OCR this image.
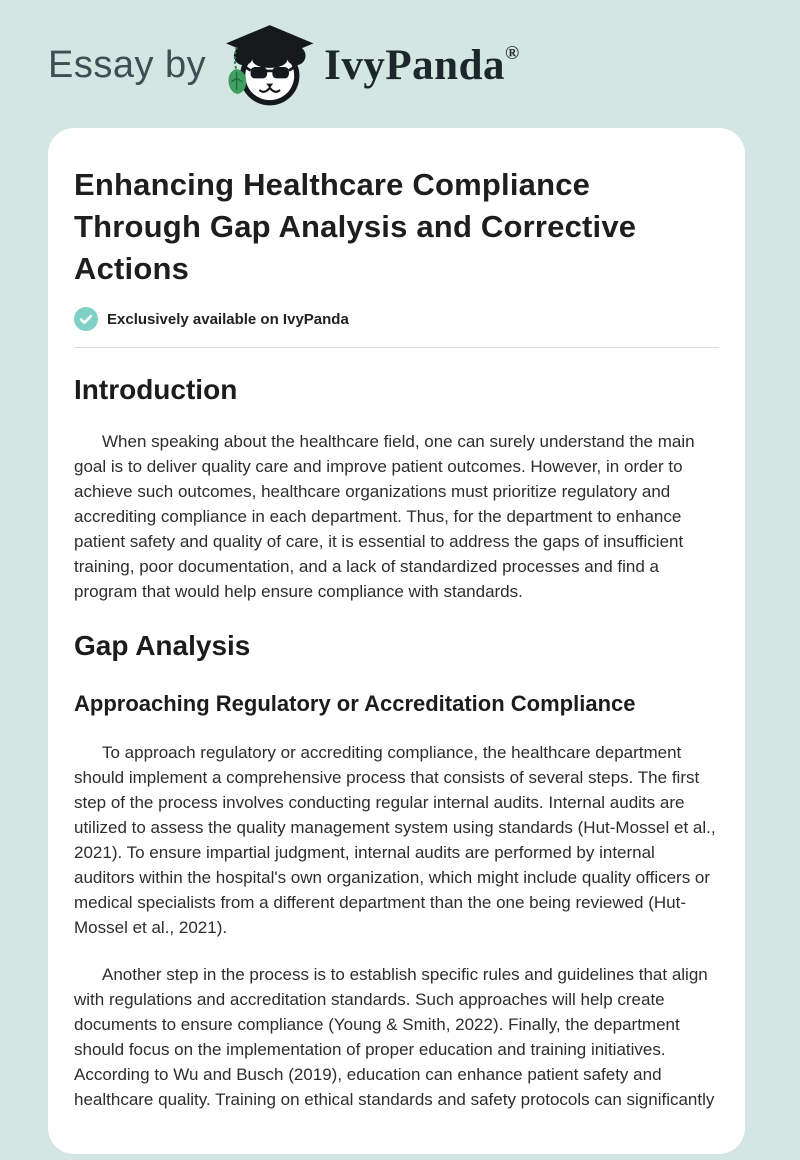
Essay by	IvyPanda®
Enhancing Healthcare Compliance Through Gap Analysis and Corrective Actions
Exclusively available on IvyPanda
Introduction

When speaking about the healthcare field, one can surely understand the main goal is to deliver quality care and improve patient outcomes. However, in order to achieve such outcomes, healthcare organizations must prioritize regulatory and accrediting compliance in each department. Thus, for the department to enhance patient safety and quality of care, it is essential to address the gaps of insufficient training, poor documentation, and a lack of standardized processes and find a program that would help ensure compliance with standards.

Gap Analysis
Approaching Regulatory or Accreditation Compliance

To approach regulatory or accrediting compliance, the healthcare department should implement a comprehensive process that consists of several steps. The first step of the process involves conducting regular internal audits. Internal audits are utilized to assess the quality management system using standards (Hut-Mossel et al., 2021). To ensure impartial judgment, internal audits are performed by internal auditors within the hospital's own organization, which might include quality officers or medical specialists from a different department than the one being reviewed (Hut-Mossel et al., 2021).

Another step in the process is to establish specific rules and guidelines that align with regulations and accreditation standards. Such approaches will help create documents to ensure compliance (Young & Smith, 2022). Finally, the department should focus on the implementation of proper education and training initiatives. According to Wu and Busch (2019), education can enhance patient safety and healthcare quality. Training on ethical standards and safety protocols can significantly
